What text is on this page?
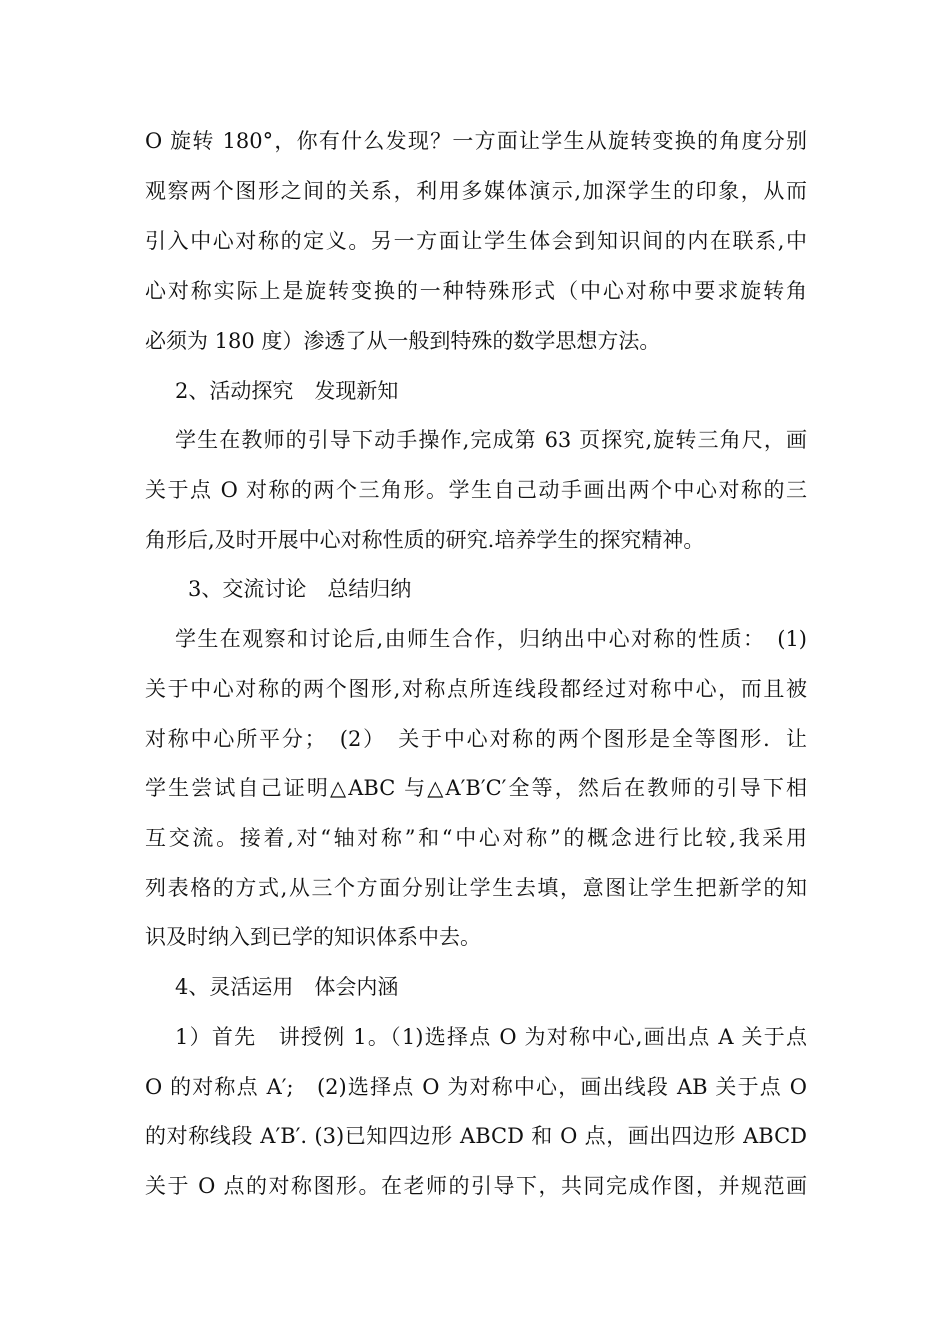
O 旋转 180°，你有什么发现？一方面让学生从旋转变换的角度分别
观察两个图形之间的关系，利用多媒体演示,加深学生的印象，从而
引入中心对称的定义。另一方面让学生体会到知识间的内在联系,中
心对称实际上是旋转变换的一种特殊形式（中心对称中要求旋转角
必须为 180 度）渗透了从一般到特殊的数学思想方法。
2、活动探究　发现新知
学生在教师的引导下动手操作,完成第 63 页探究,旋转三角尺，画
关于点 O 对称的两个三角形。学生自己动手画出两个中心对称的三
角形后,及时开展中心对称性质的研究.培养学生的探究精神。
3、交流讨论　总结归纳
学生在观察和讨论后,由师生合作，归纳出中心对称的性质：　(1)
关于中心对称的两个图形,对称点所连线段都经过对称中心，而且被
对称中心所平分；　(2）　关于中心对称的两个图形是全等图形．让
学生尝试自己证明△ABC 与△A′B′C′全等，然后在教师的引导下相
互交流。接着,对“轴对称”和“中心对称”的概念进行比较,我采用
列表格的方式,从三个方面分别让学生去填，意图让学生把新学的知
识及时纳入到已学的知识体系中去。
4、灵活运用　体会内涵
1）首先　讲授例 1。（1)选择点 O 为对称中心,画出点 A 关于点
O 的对称点 A′;　(2)选择点 O 为对称中心，画出线段 AB 关于点 O
的对称线段 A′B′. (3)已知四边形 ABCD 和 O 点，画出四边形 ABCD
关于 O 点的对称图形。在老师的引导下，共同完成作图，并规范画
